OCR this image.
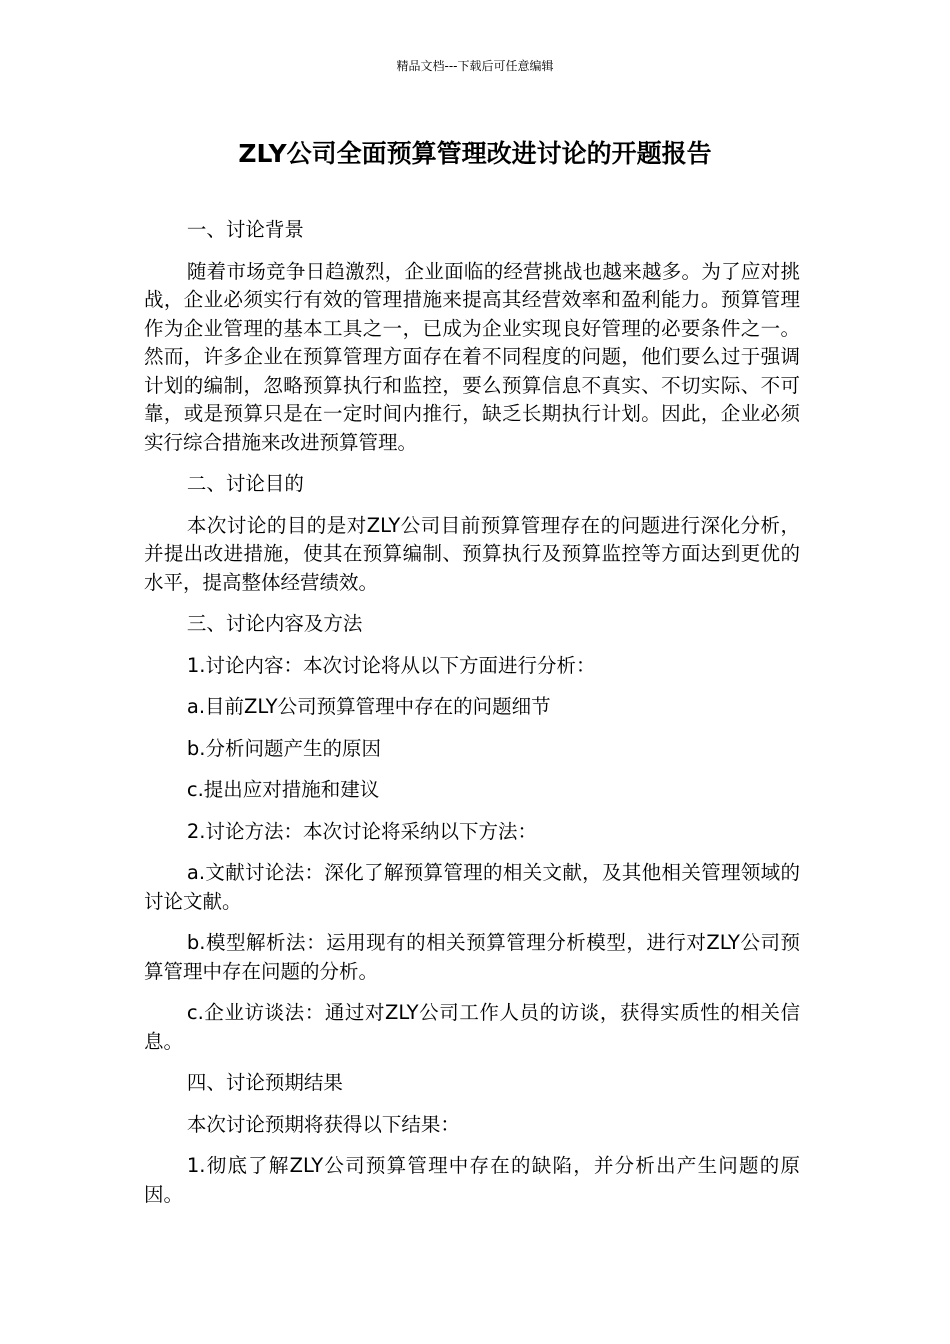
精品文档---下载后可任意编辑
ZLY公司全面预算管理改进讨论的开题报告

一、讨论背景

随着市场竞争日趋激烈，企业面临的经营挑战也越来越多。为了应对挑战，企业必须实行有效的管理措施来提高其经营效率和盈利能力。预算管理作为企业管理的基本工具之一，已成为企业实现良好管理的必要条件之一。然而，许多企业在预算管理方面存在着不同程度的问题，他们要么过于强调计划的编制，忽略预算执行和监控，要么预算信息不真实、不切实际、不可靠，或是预算只是在一定时间内推行，缺乏长期执行计划。因此，企业必须实行综合措施来改进预算管理。

二、讨论目的

本次讨论的目的是对ZLY公司目前预算管理存在的问题进行深化分析，并提出改进措施，使其在预算编制、预算执行及预算监控等方面达到更优的水平，提高整体经营绩效。

三、讨论内容及方法

1.讨论内容：本次讨论将从以下方面进行分析：

a.目前ZLY公司预算管理中存在的问题细节

b.分析问题产生的原因

c.提出应对措施和建议

2.讨论方法：本次讨论将采纳以下方法：

a.文献讨论法：深化了解预算管理的相关文献，及其他相关管理领域的讨论文献。

b.模型解析法：运用现有的相关预算管理分析模型，进行对ZLY公司预算管理中存在问题的分析。

c.企业访谈法：通过对ZLY公司工作人员的访谈，获得实质性的相关信息。

四、讨论预期结果

本次讨论预期将获得以下结果：

1.彻底了解ZLY公司预算管理中存在的缺陷，并分析出产生问题的原因。
